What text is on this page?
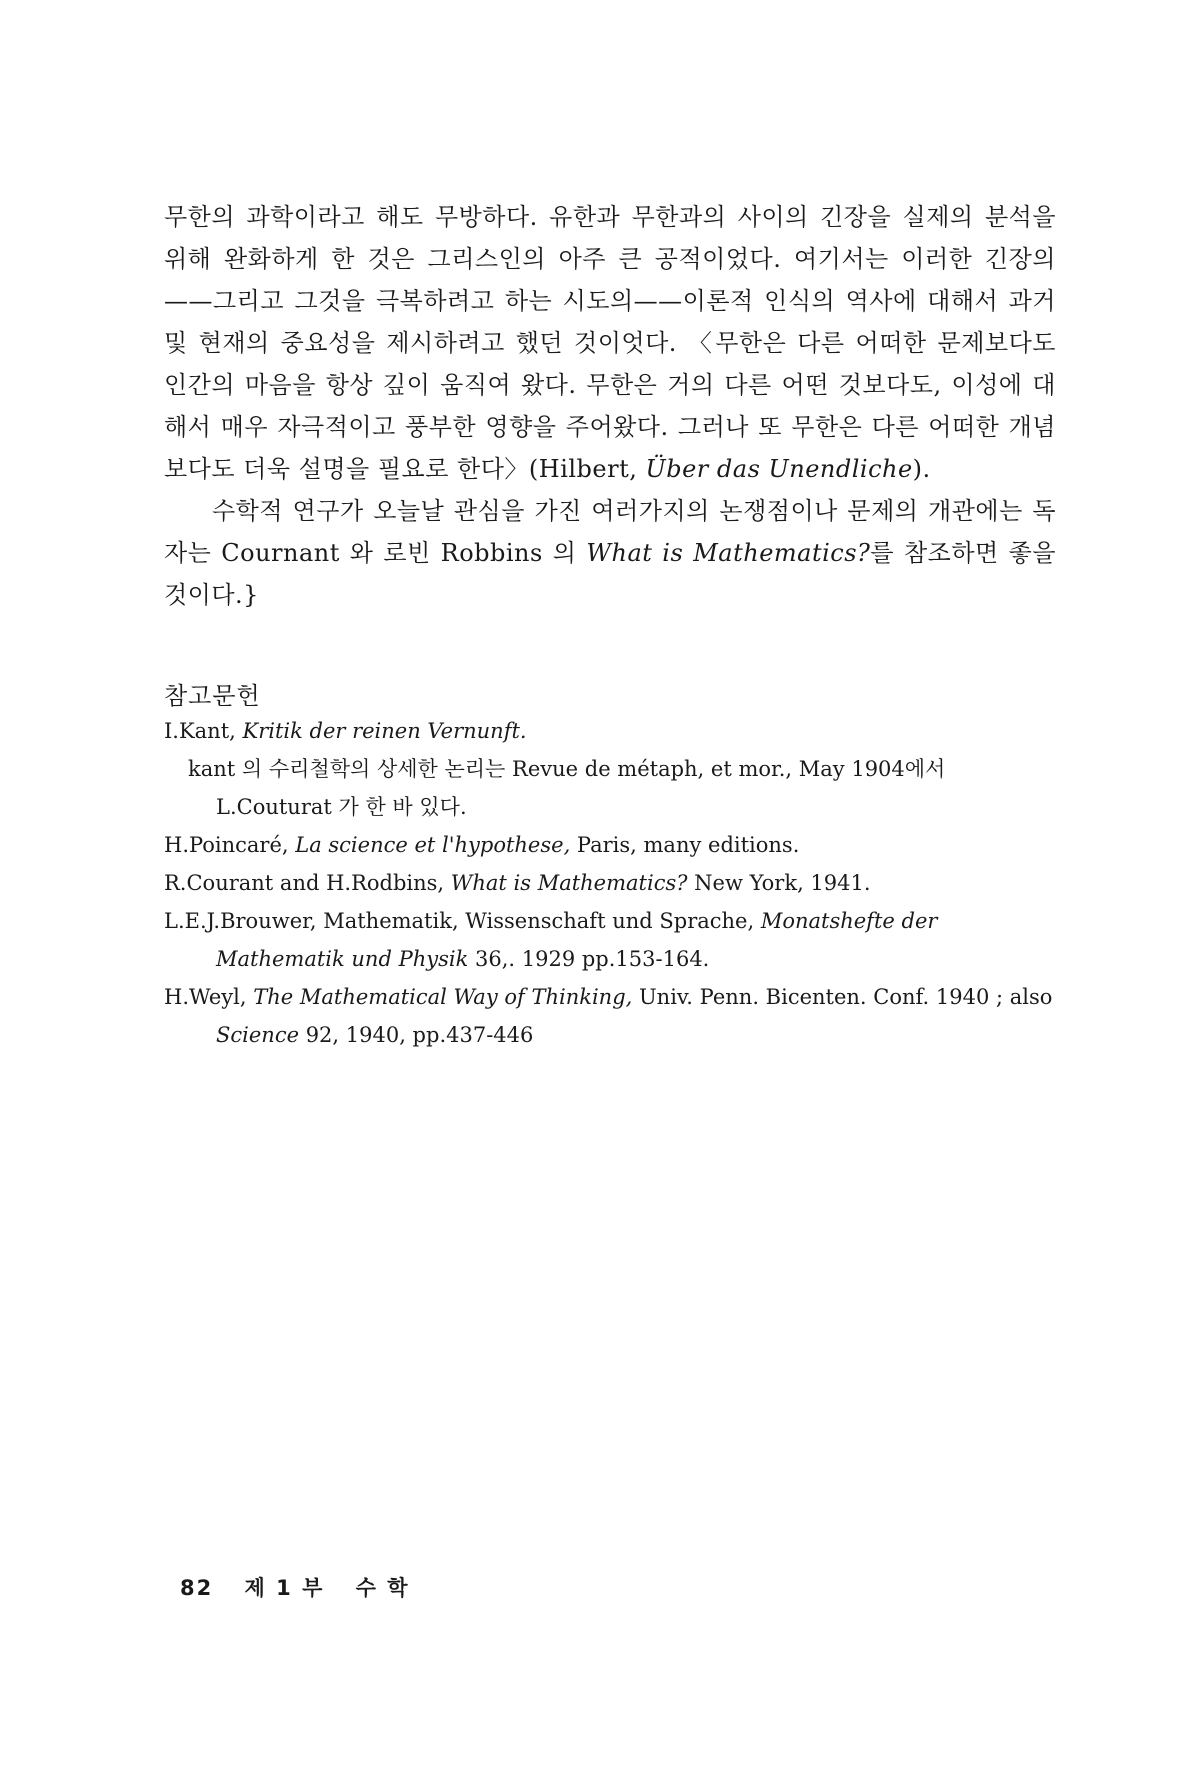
무한의 과학이라고 해도 무방하다. 유한과 무한과의 사이의 긴장을 실제의 분석을 위해 완화하게 한 것은 그리스인의 아주 큰 공적이었다. 여기서는 이러한 긴장의——그리고 그것을 극복하려고 하는 시도의——이론적 인식의 역사에 대해서 과거 및 현재의 중요성을 제시하려고 했던 것이엇다. 〈무한은 다른 어떠한 문제보다도 인간의 마음을 항상 깊이 움직여 왔다. 무한은 거의 다른 어떤 것보다도, 이성에 대해서 매우 자극적이고 풍부한 영향을 주어왔다. 그러나 또 무한은 다른 어떠한 개념보다도 더욱 설명을 필요로 한다〉(Hilbert, Über das Unendliche).

수학적 연구가 오늘날 관심을 가진 여러가지의 논쟁점이나 문제의 개관에는 독자는 Cournant 와 로빈 Robbins 의 What is Mathematics?를 참조하면 좋을 것이다.}

참고문헌

I.Kant, Kritik der reinen Vernunft.

kant 의 수리철학의 상세한 논리는 Revue de métaph, et mor., May 1904에서 L.Couturat 가 한 바 있다.

H.Poincaré, La science et l'hypothese, Paris, many editions.

R.Courant and H.Rodbins, What is Mathematics? New York, 1941.

L.E.J.Brouwer, Mathematik, Wissenschaft und Sprache, Monatshefte der Mathematik und Physik 36,. 1929 pp.153-164.

H.Weyl, The Mathematical Way of Thinking, Univ. Penn. Bicenten. Conf. 1940 ; also Science 92, 1940, pp.437-446

82 제 1 부 수 학
